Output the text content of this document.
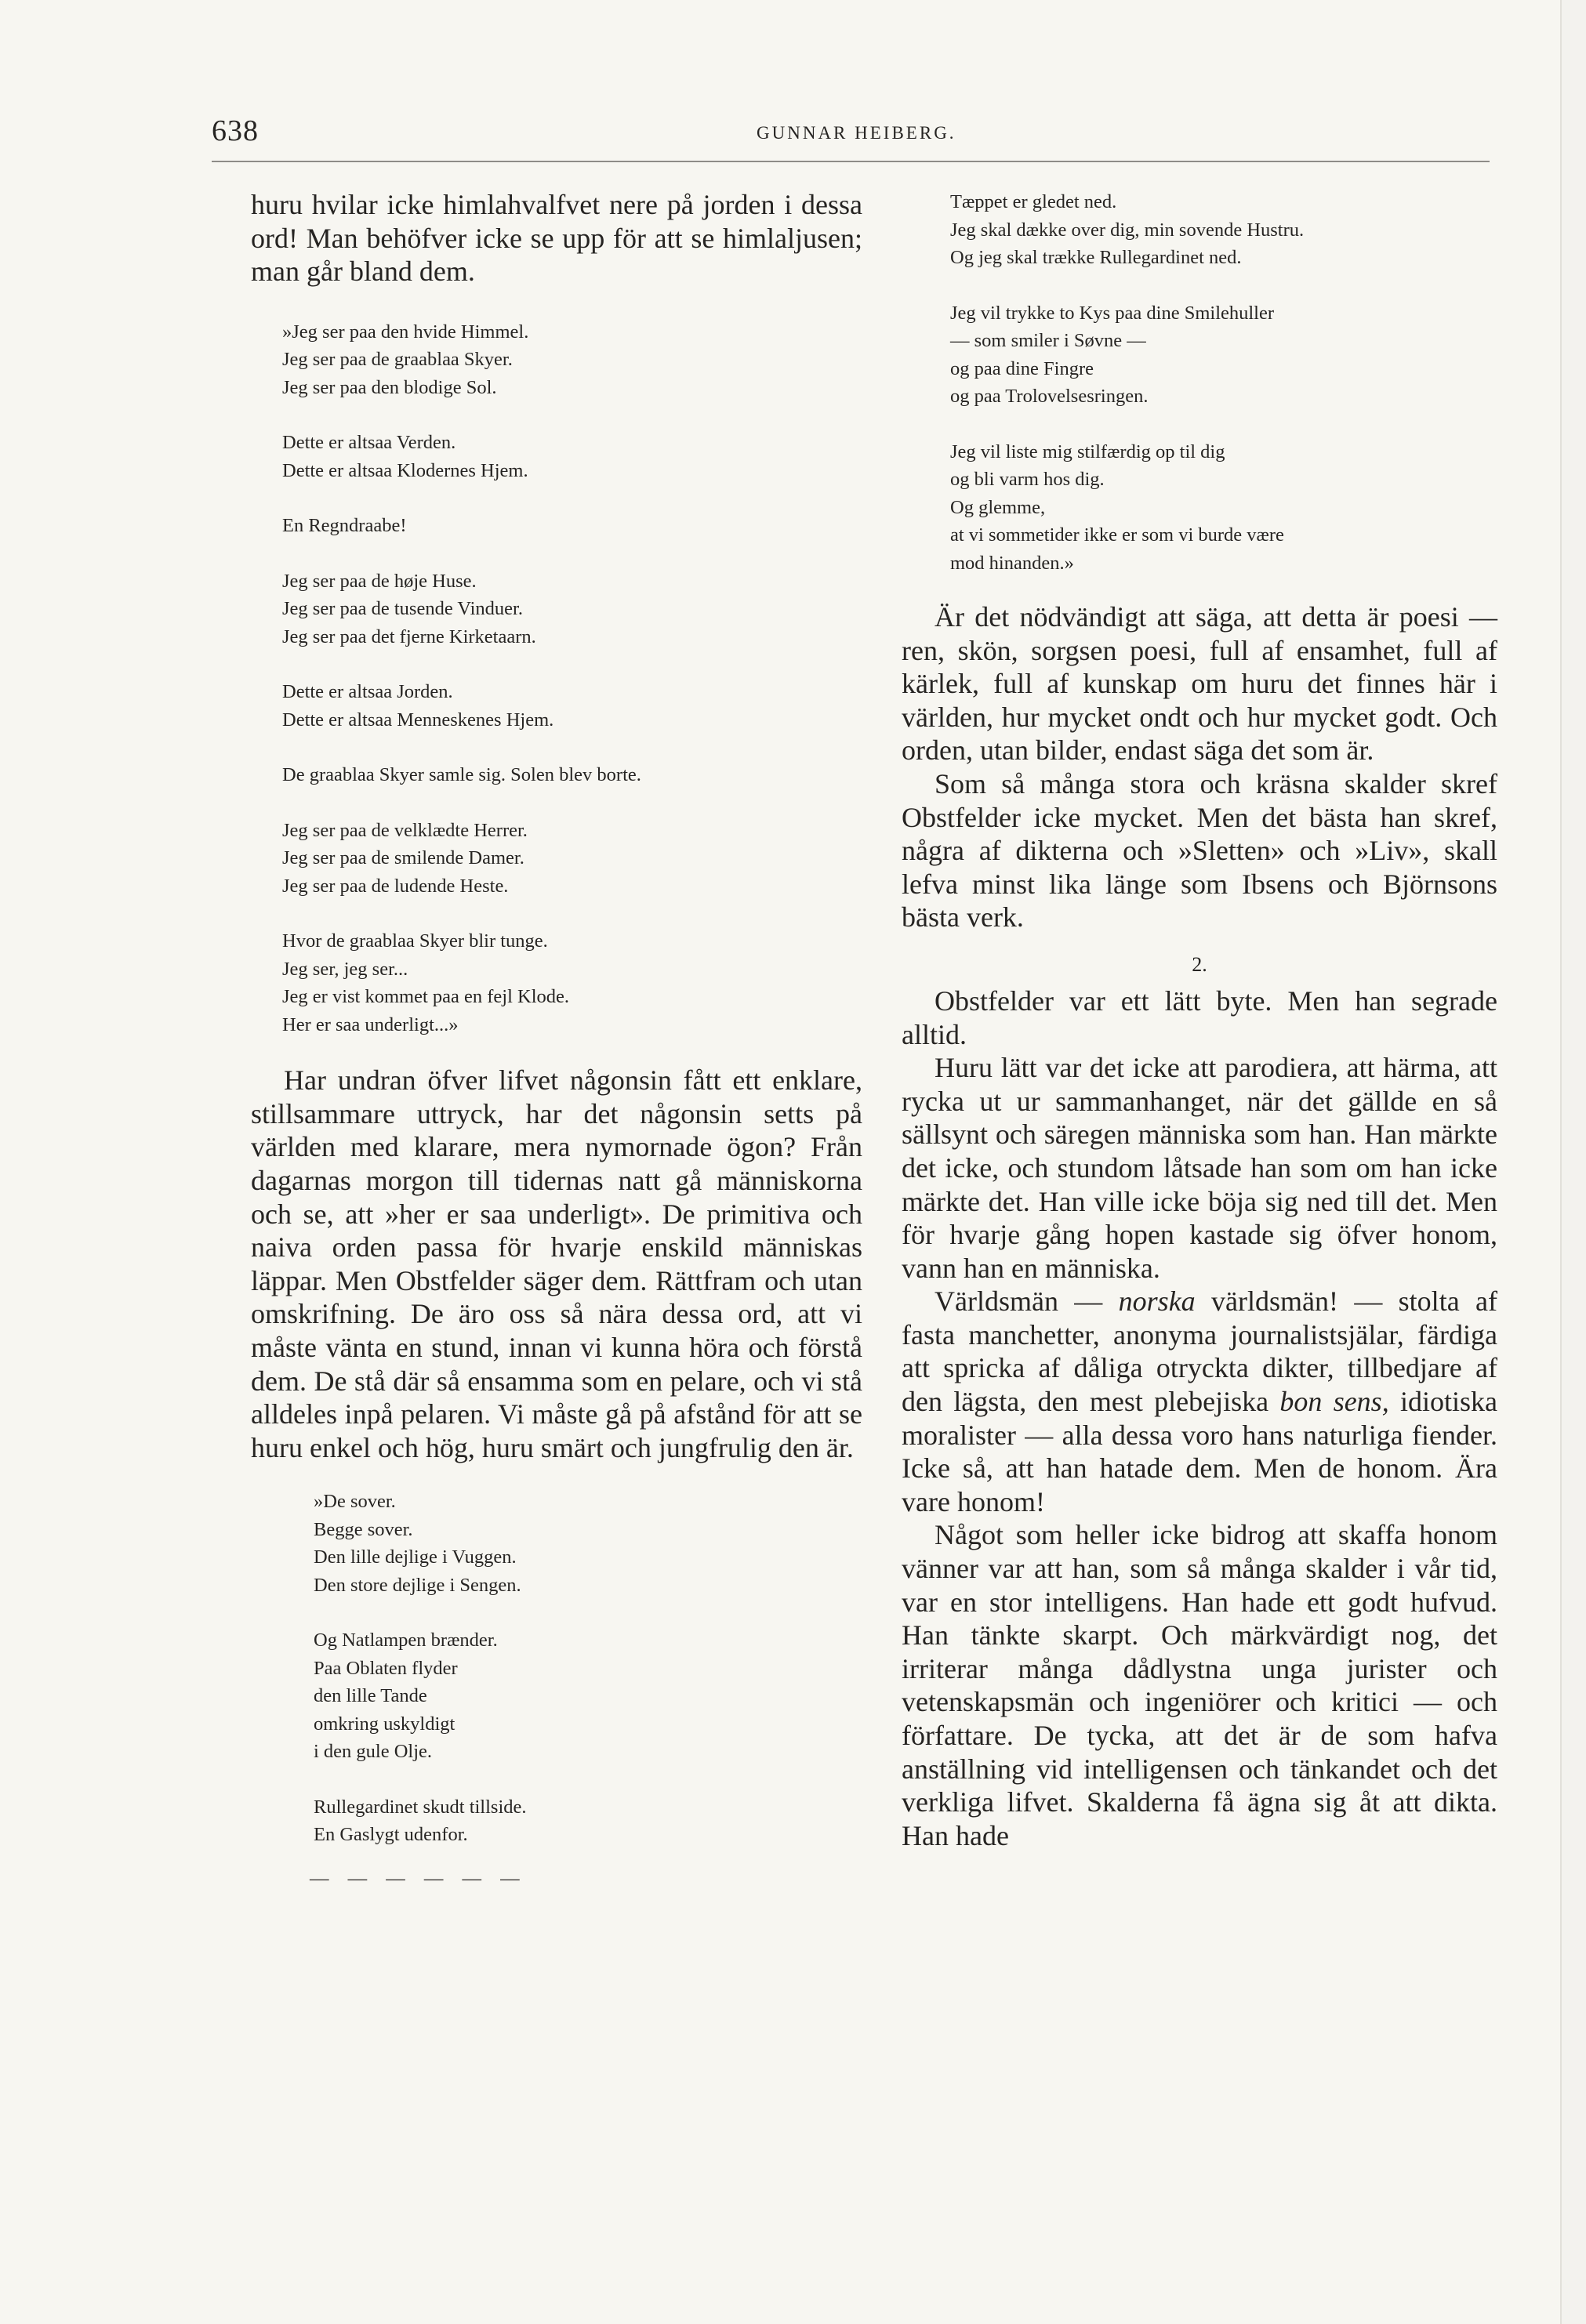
638	GUNNAR HEIBERG.

huru hvilar icke himlahvalfvet nere på jorden i dessa ord! Man behöfver icke se upp för att se himlaljusen; man går bland dem.

»Jeg ser paa den hvide Himmel.
Jeg ser paa de graablaa Skyer.
Jeg ser paa den blodige Sol.
Dette er altsaa Verden.
Dette er altsaa Klodernes Hjem.
En Regndraabe!
Jeg ser paa de høje Huse.
Jeg ser paa de tusende Vinduer.
Jeg ser paa det fjerne Kirketaarn.
Dette er altsaa Jorden.
Dette er altsaa Menneskenes Hjem.
De graablaa Skyer samle sig. Solen blev borte.
Jeg ser paa de velklædte Herrer.
Jeg ser paa de smilende Damer.
Jeg ser paa de ludende Heste.
Hvor de graablaa Skyer blir tunge.
Jeg ser, jeg ser...
Jeg er vist kommet paa en fejl Klode.
Her er saa underligt...»

Har undran öfver lifvet någonsin fått ett enklare, stillsammare uttryck, har det någonsin setts på världen med klarare, mera nymornade ögon? Från dagarnas morgon till tidernas natt gå människorna och se, att »her er saa underligt». De primitiva och naiva orden passa för hvarje enskild människas läppar. Men Obstfelder säger dem. Rättfram och utan omskrifning. De äro oss så nära dessa ord, att vi måste vänta en stund, innan vi kunna höra och förstå dem. De stå där så ensamma som en pelare, och vi stå alldeles inpå pelaren. Vi måste gå på afstånd för att se huru enkel och hög, huru smärt och jungfrulig den är.

»De sover.
Begge sover.
Den lille dejlige i Vuggen.
Den store dejlige i Sengen.
Og Natlampen brænder.
Paa Oblaten flyder
den lille Tande
omkring uskyldigt
i den gule Olje.
Rullegardinet skudt tillside.
En Gaslygt udenfor.
— — — — — —
Tæppet er gledet ned.
Jeg skal dække over dig, min sovende Hustru.
Og jeg skal trække Rullegardinet ned.
Jeg vil trykke to Kys paa dine Smilehuller
— som smiler i Søvne —
og paa dine Fingre
og paa Trolovelsesringen.
Jeg vil liste mig stilfærdig op til dig
og bli varm hos dig.
Og glemme,
at vi sommetider ikke er som vi burde være
mod hinanden.»

Är det nödvändigt att säga, att detta är poesi — ren, skön, sorgsen poesi, full af ensamhet, full af kärlek, full af kunskap om huru det finnes här i världen, hur mycket ondt och hur mycket godt. Och orden, utan bilder, endast säga det som är.

Som så många stora och kräsna skalder skref Obstfelder icke mycket. Men det bästa han skref, några af dikterna och »Sletten» och »Liv», skall lefva minst lika länge som Ibsens och Björnsons bästa verk.

2.

Obstfelder var ett lätt byte. Men han segrade alltid.

Huru lätt var det icke att parodiera, att härma, att rycka ut ur sammanhanget, när det gällde en så sällsynt och säregen människa som han. Han märkte det icke, och stundom låtsade han som om han icke märkte det. Han ville icke böja sig ned till det. Men för hvarje gång hopen kastade sig öfver honom, vann han en människa.

Världsmän — norska världsmän! — stolta af fasta manchetter, anonyma journalistsjälar, färdiga att spricka af dåliga otryckta dikter, tillbedjare af den lägsta, den mest plebejiska bon sens, idiotiska moralister — alla dessa voro hans naturliga fiender. Icke så, att han hatade dem. Men de honom. Ära vare honom!

Något som heller icke bidrog att skaffa honom vänner var att han, som så många skalder i vår tid, var en stor intelligens. Han hade ett godt hufvud. Han tänkte skarpt. Och märkvärdigt nog, det irriterar många dådlystna unga jurister och vetenskapsmän och ingeniörer och kritici — och författare. De tycka, att det är de som hafva anställning vid intelligensen och tänkandet och det verkliga lifvet. Skalderna få ägna sig åt att dikta. Han hade
